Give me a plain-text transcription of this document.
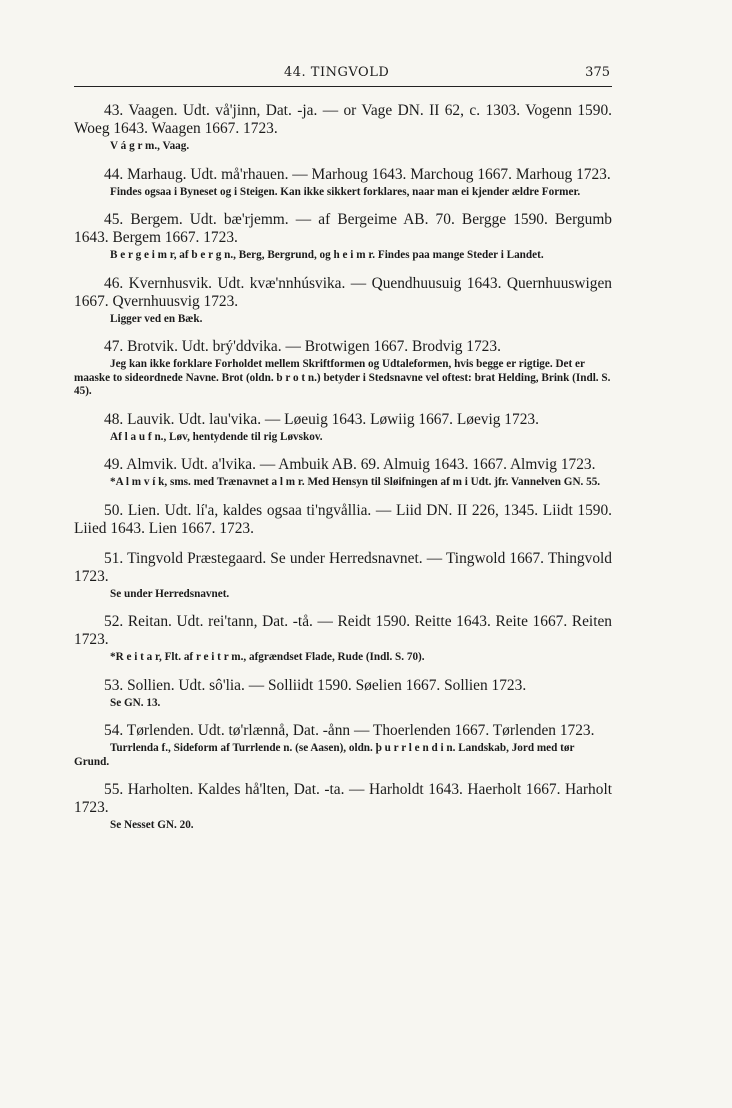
44. TINGVOLD	375
43. Vaagen. Udt. vå'jinn, Dat. -ja. — or Vage DN. II 62, c. 1303. Vogenn 1590. Woeg 1643. Waagen 1667. 1723.
V á g r m., Vaag.
44. Marhaug. Udt. må'rhauen. — Marhoug 1643. Marchoug 1667. Marhoug 1723.
Findes ogsaa i Byneset og i Steigen. Kan ikke sikkert forklares, naar man ei kjender ældre Former.
45. Bergem. Udt. bæ'rjemm. — af Bergeime AB. 70. Bergge 1590. Bergumb 1643. Bergem 1667. 1723.
B e r g e i m r, af b e r g n., Berg, Bergrund, og h e i m r. Findes paa mange Steder i Landet.
46. Kvernhusvik. Udt. kvæ'nnhúsvika. — Quendhuusuig 1643. Quernhuuswigen 1667. Qvernhuusvig 1723.
Ligger ved en Bæk.
47. Brotvik. Udt. brý'ddvika. — Brotwigen 1667. Brodvig 1723.
Jeg kan ikke forklare Forholdet mellem Skriftformen og Udtaleformen, hvis begge er rigtige. Det er maaske to sideordnede Navne. Brot (oldn. b r o t n.) betyder i Stedsnavne vel oftest: brat Helding, Brink (Indl. S. 45).
48. Lauvik. Udt. lau'vika. — Løeuig 1643. Løwiig 1667. Løevig 1723.
Af l a u f n., Løv, hentydende til rig Løvskov.
49. Almvik. Udt. a'lvika. — Ambuik AB. 69. Almuig 1643. 1667. Almvig 1723.
*A l m v í k, sms. med Trænavnet a l m r. Med Hensyn til Sløifningen af m i Udt. jfr. Vannelven GN. 55.
50. Lien. Udt. lí'a, kaldes ogsaa ti'ngvållia. — Liid DN. II 226, 1345. Liidt 1590. Liied 1643. Lien 1667. 1723.
51. Tingvold Præstegaard. Se under Herredsnavnet. — Tingwold 1667. Thingvold 1723.
Se under Herredsnavnet.
52. Reitan. Udt. rei'tann, Dat. -tå. — Reidt 1590. Reitte 1643. Reite 1667. Reiten 1723.
*R e i t a r, Flt. af r e i t r m., afgrændset Flade, Rude (Indl. S. 70).
53. Sollien. Udt. sô'lia. — Solliidt 1590. Søelien 1667. Sollien 1723.
Se GN. 13.
54. Tørlenden. Udt. tø'rlænnå, Dat. -ånn — Thoerlenden 1667. Tørlenden 1723.
Turrlenda f., Sideform af Turrlende n. (se Aasen), oldn. þ u r r l e n d i n. Landskab, Jord med tør Grund.
55. Harholten. Kaldes hå'lten, Dat. -ta. — Harholdt 1643. Haerholt 1667. Harholt 1723.
Se Nesset GN. 20.
